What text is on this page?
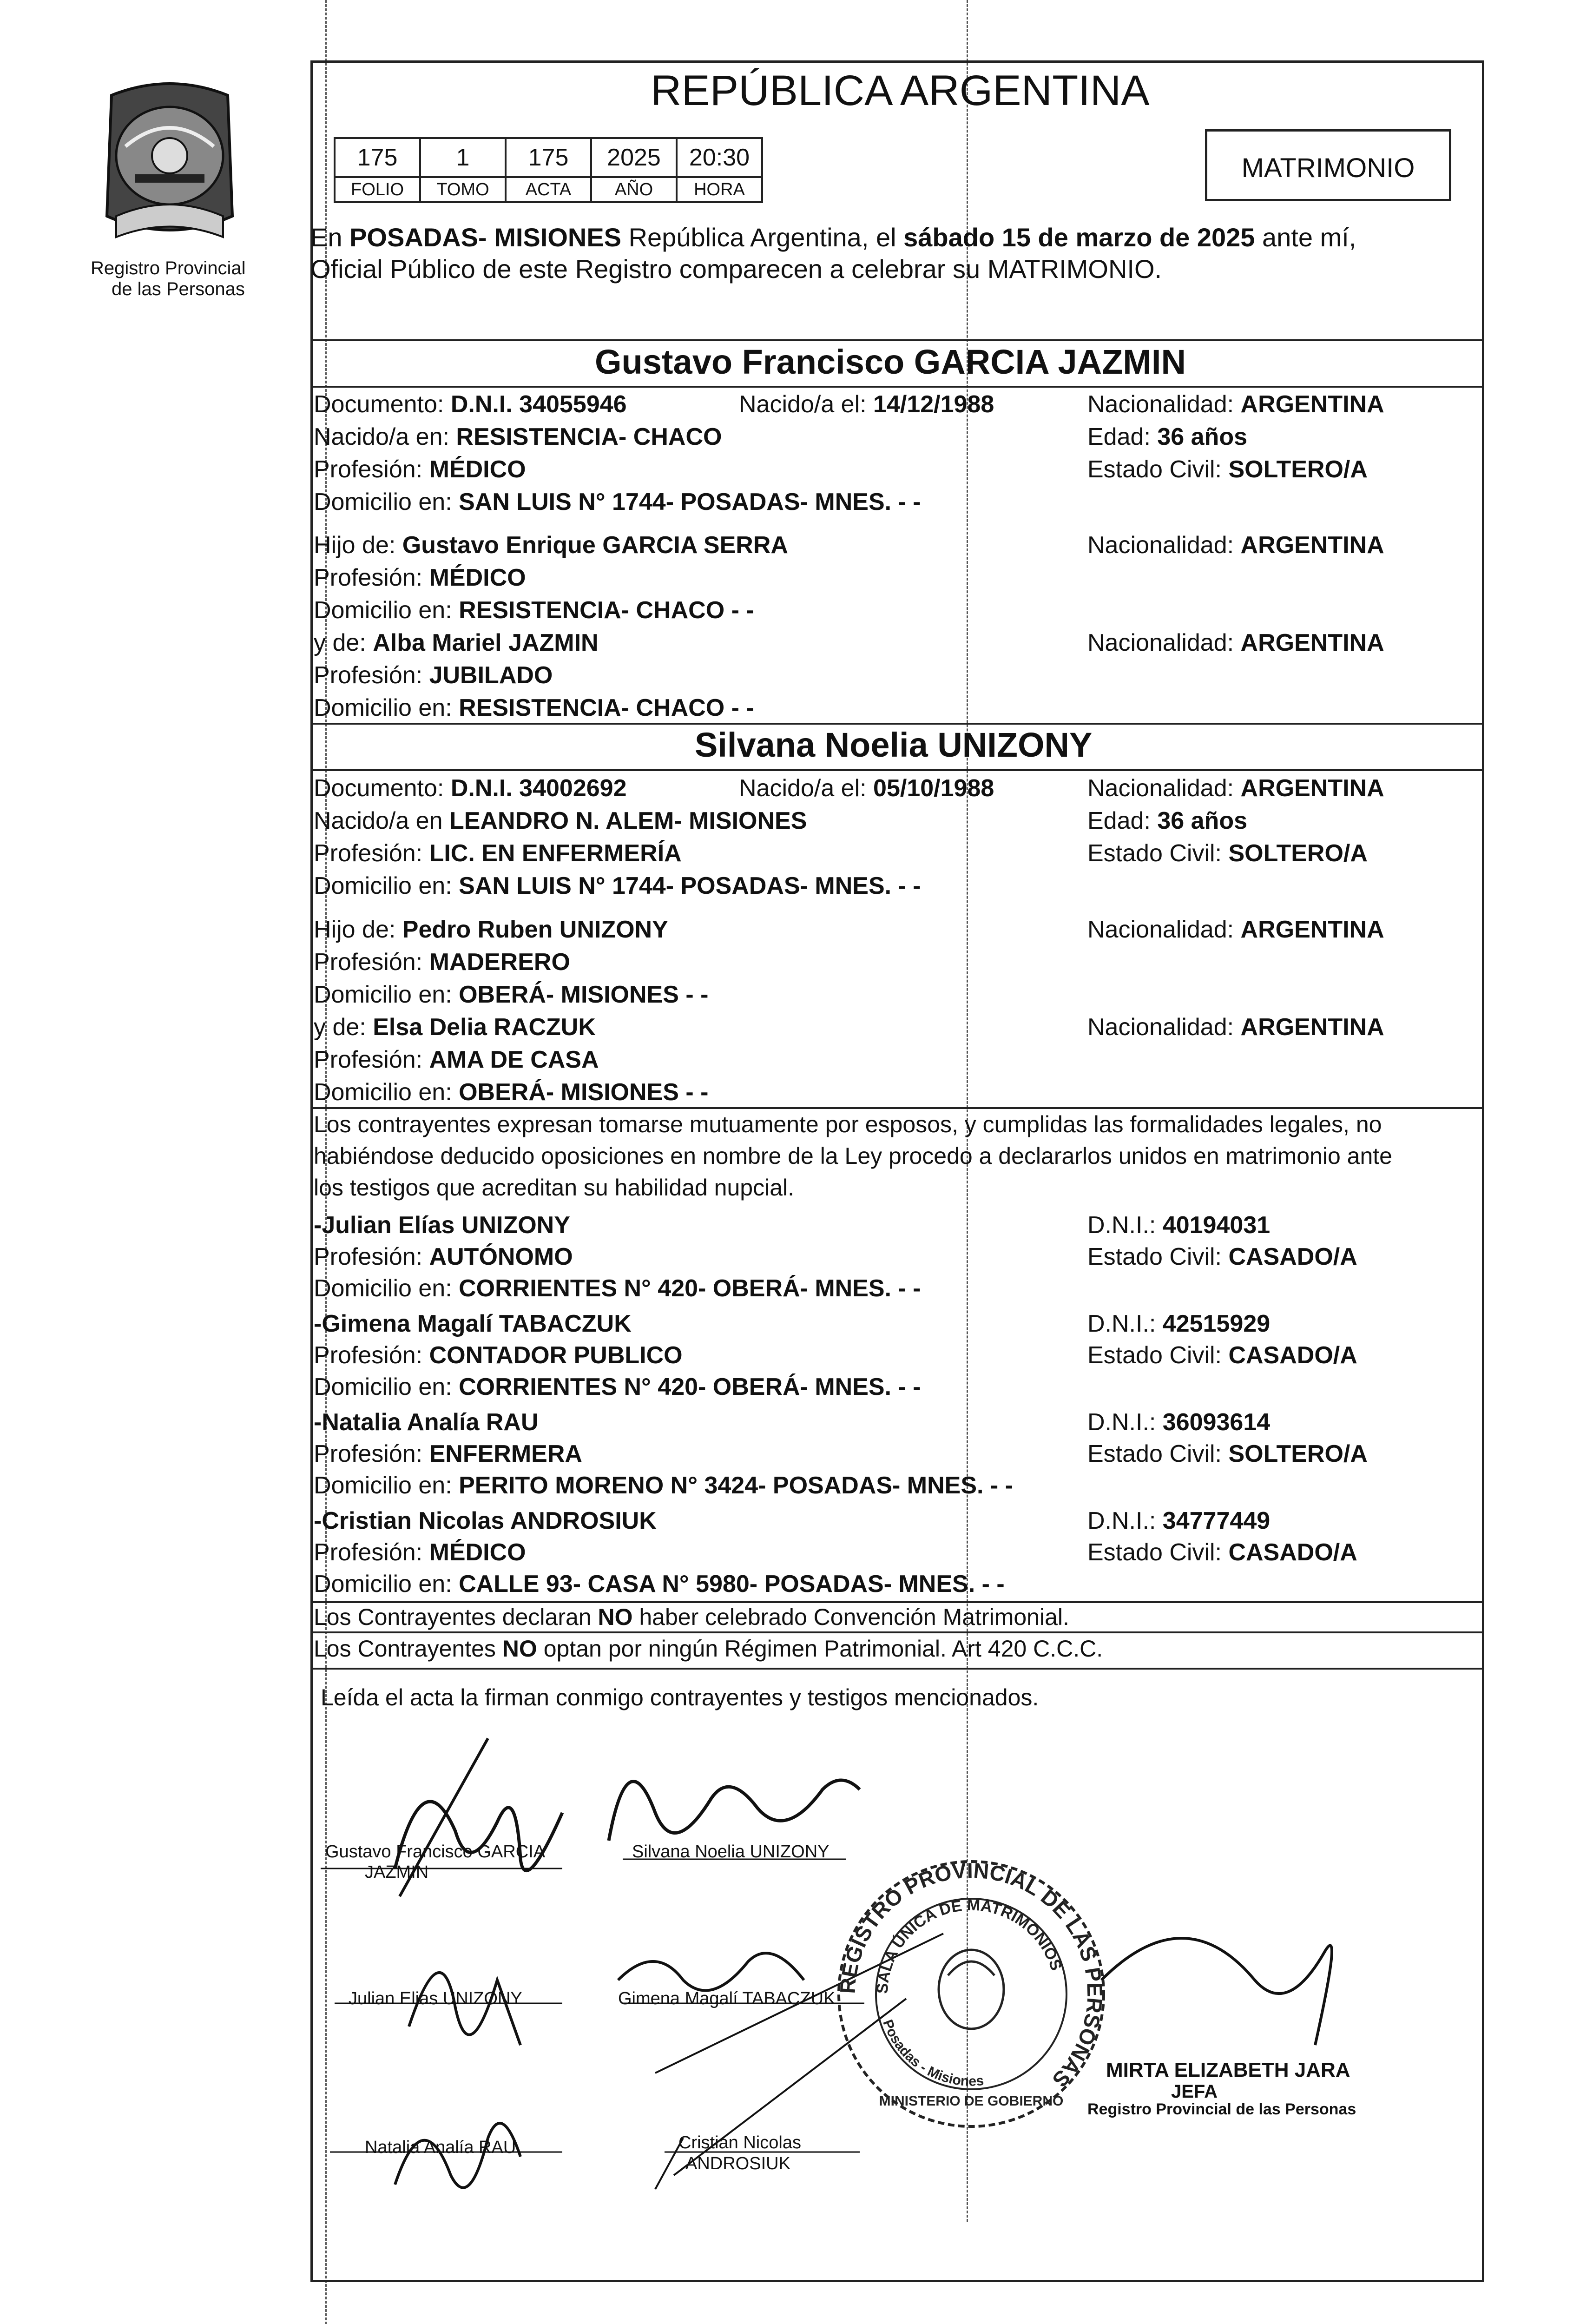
Registro Provincial
de las Personas
REPÚBLICA ARGENTINA
175	1	175	2025	20:30
FOLIO	TOMO	ACTA	AÑO	HORA
MATRIMONIO
En POSADAS- MISIONES República Argentina, el sábado 15 de marzo de 2025 ante mí,
Oficial Público de este Registro comparecen a celebrar su MATRIMONIO.
Gustavo Francisco GARCIA JAZMIN
Documento: D.N.I. 34055946	Nacido/a el: 14/12/1988	Nacionalidad: ARGENTINA
Nacido/a en: RESISTENCIA- CHACO	Edad: 36 años
Profesión: MÉDICO	Estado Civil: SOLTERO/A
Domicilio en: SAN LUIS N° 1744- POSADAS- MNES. - -
Hijo de: Gustavo Enrique GARCIA SERRA	Nacionalidad: ARGENTINA
Profesión: MÉDICO
Domicilio en: RESISTENCIA- CHACO - -
y de: Alba Mariel JAZMIN	Nacionalidad: ARGENTINA
Profesión: JUBILADO
Domicilio en: RESISTENCIA- CHACO - -
Silvana Noelia UNIZONY
Documento: D.N.I. 34002692	Nacido/a el: 05/10/1988	Nacionalidad: ARGENTINA
Nacido/a en LEANDRO N. ALEM- MISIONES	Edad: 36 años
Profesión: LIC. EN ENFERMERÍA	Estado Civil: SOLTERO/A
Domicilio en: SAN LUIS N° 1744- POSADAS- MNES. - -
Hijo de: Pedro Ruben UNIZONY	Nacionalidad: ARGENTINA
Profesión: MADERERO
Domicilio en: OBERÁ- MISIONES - -
y de: Elsa Delia RACZUK	Nacionalidad: ARGENTINA
Profesión: AMA DE CASA
Domicilio en: OBERÁ- MISIONES - -
Los contrayentes expresan tomarse mutuamente por esposos, y cumplidas las formalidades legales, no
habiéndose deducido oposiciones en nombre de la Ley procedo a declararlos unidos en matrimonio ante
los testigos que acreditan su habilidad nupcial.
-Julian Elías UNIZONY	D.N.I.: 40194031
Profesión: AUTÓNOMO	Estado Civil: CASADO/A
Domicilio en: CORRIENTES N° 420- OBERÁ- MNES. - -
-Gimena Magalí TABACZUK	D.N.I.: 42515929
Profesión: CONTADOR PUBLICO	Estado Civil: CASADO/A
Domicilio en: CORRIENTES N° 420- OBERÁ- MNES. - -
-Natalia Analía RAU	D.N.I.: 36093614
Profesión: ENFERMERA	Estado Civil: SOLTERO/A
Domicilio en: PERITO MORENO N° 3424- POSADAS- MNES. - -
-Cristian Nicolas ANDROSIUK	D.N.I.: 34777449
Profesión: MÉDICO	Estado Civil: CASADO/A
Domicilio en: CALLE 93- CASA N° 5980- POSADAS- MNES. - -
Los Contrayentes declaran NO haber celebrado Convención Matrimonial.
Los Contrayentes NO optan por ningún Régimen Patrimonial. Art 420 C.C.C.
Leída el acta la firman conmigo contrayentes y testigos mencionados.
Gustavo Francisco GARCIA
JAZMIN
Silvana Noelia UNIZONY
Julian Elias UNIZONY	Gimena Magalí TABACZUK
Natalia Analía RAU	Cristian Nicolas
ANDROSIUK
REGISTRO PROVINCIAL DE LAS PERSONAS
SALA ÚNICA DE MATRIMONIOS
Posadas - Misiones
MINISTERIO DE GOBIERNO
MIRTA ELIZABETH JARA
JEFA
Registro Provincial de las Personas
